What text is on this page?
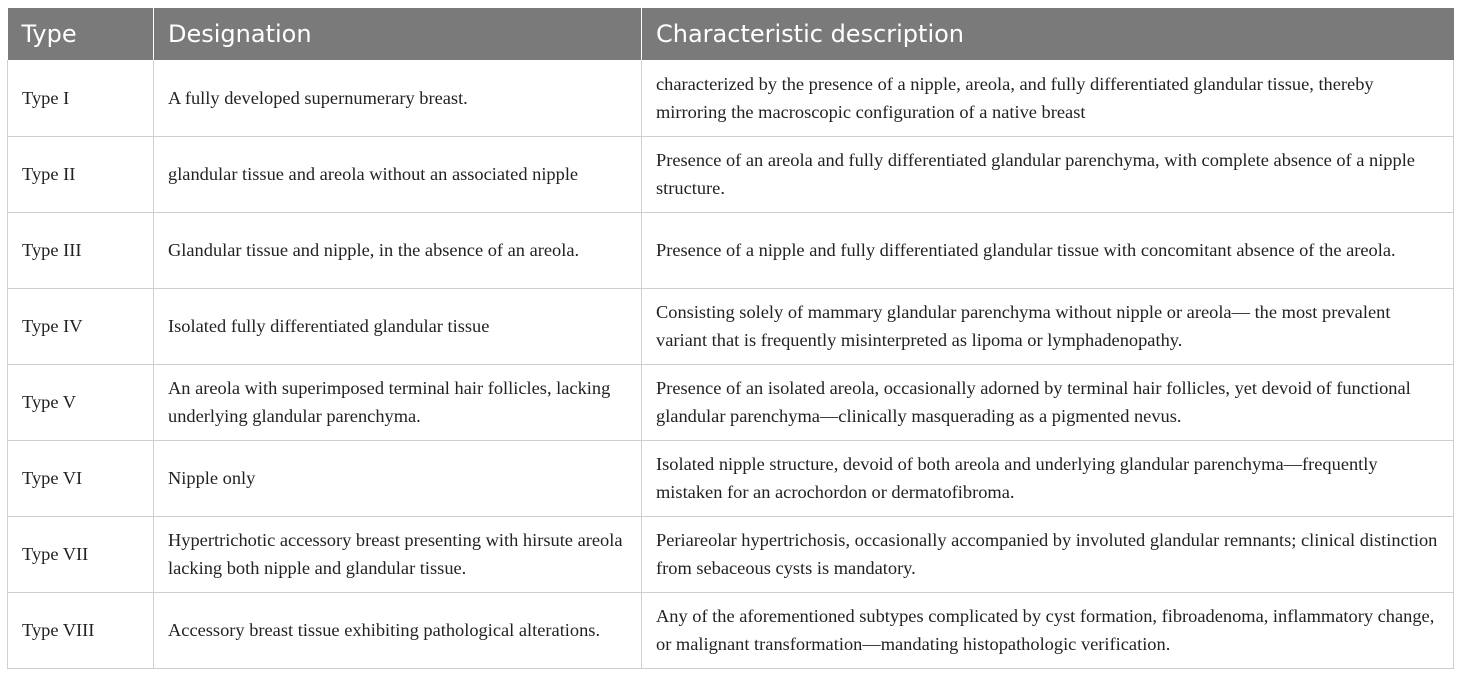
Type	Designation	Characteristic description
Type I	A fully developed supernumerary breast.	characterized by the presence of a nipple, areola, and fully differentiated glandular tissue, thereby mirroring the macroscopic configuration of a native breast
Type II	glandular tissue and areola without an associated nipple	Presence of an areola and fully differentiated glandular parenchyma, with complete absence of a nipple structure.
Type III	Glandular tissue and nipple, in the absence of an areola.	Presence of a nipple and fully differentiated glandular tissue with concomitant absence of the areola.
Type IV	Isolated fully differentiated glandular tissue	Consisting solely of mammary glandular parenchyma without nipple or areola— the most prevalent variant that is frequently misinterpreted as lipoma or lymphadenopathy.
Type V	An areola with superimposed terminal hair follicles, lacking underlying glandular parenchyma.	Presence of an isolated areola, occasionally adorned by terminal hair follicles, yet devoid of functional glandular parenchyma—clinically masquerading as a pigmented nevus.
Type VI	Nipple only	Isolated nipple structure, devoid of both areola and underlying glandular parenchyma—frequently mistaken for an acrochordon or dermatofibroma.
Type VII	Hypertrichotic accessory breast presenting with hirsute areola lacking both nipple and glandular tissue.	Periareolar hypertrichosis, occasionally accompanied by involuted glandular remnants; clinical distinction from sebaceous cysts is mandatory.
Type VIII	Accessory breast tissue exhibiting pathological alterations.	Any of the aforementioned subtypes complicated by cyst formation, fibroadenoma, inflammatory change, or malignant transformation—mandating histopathologic verification.
